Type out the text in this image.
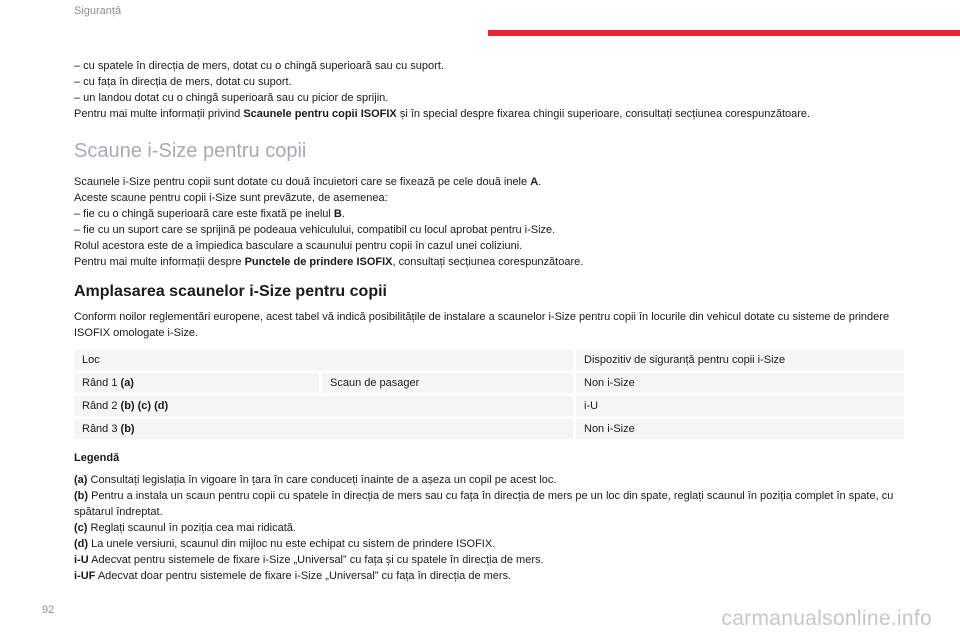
Siguranță

– cu spatele în direcția de mers, dotat cu o chingă superioară sau cu suport.

– cu fața în direcția de mers, dotat cu suport.

– un landou dotat cu o chingă superioară sau cu picior de sprijin.

Pentru mai multe informații privind Scaunele pentru copii ISOFIX și în special despre fixarea chingii superioare, consultați secțiunea corespunzătoare.

Scaune i-Size pentru copii

Scaunele i-Size pentru copii sunt dotate cu două încuietori care se fixează pe cele două inele A.

Aceste scaune pentru copii i-Size sunt prevăzute, de asemenea:

– fie cu o chingă superioară care este fixată pe inelul B.

– fie cu un suport care se sprijină pe podeaua vehiculului, compatibil cu locul aprobat pentru i-Size.

Rolul acestora este de a împiedica basculare a scaunului pentru copii în cazul unei coliziuni.

Pentru mai multe informații despre Punctele de prindere ISOFIX, consultați secțiunea corespunzătoare.

Amplasarea scaunelor i-Size pentru copii

Conform noilor reglementări europene, acest tabel vă indică posibilitățile de instalare a scaunelor i-Size pentru copii în locurile din vehicul dotate cu sisteme de prindere ISOFIX omologate i-Size.

Loc		Dispozitiv de siguranță pentru copii i-Size
Rând 1 (a)	Scaun de pasager	Non i-Size
Rând 2 (b) (c) (d)		i-U
Rând 3 (b)		Non i-Size

Legendă

(a) Consultați legislația în vigoare în țara în care conduceți înainte de a așeza un copil pe acest loc.

(b) Pentru a instala un scaun pentru copii cu spatele în direcția de mers sau cu fața în direcția de mers pe un loc din spate, reglați scaunul în poziția complet în spate, cu spătarul îndreptat.

(c) Reglați scaunul în poziția cea mai ridicată.

(d) La unele versiuni, scaunul din mijloc nu este echipat cu sistem de prindere ISOFIX.

i-U Adecvat pentru sistemele de fixare i-Size „Universal” cu fața și cu spatele în direcția de mers.

i-UF Adecvat doar pentru sistemele de fixare i-Size „Universal” cu fața în direcția de mers.

92	carmanualsonline.info
